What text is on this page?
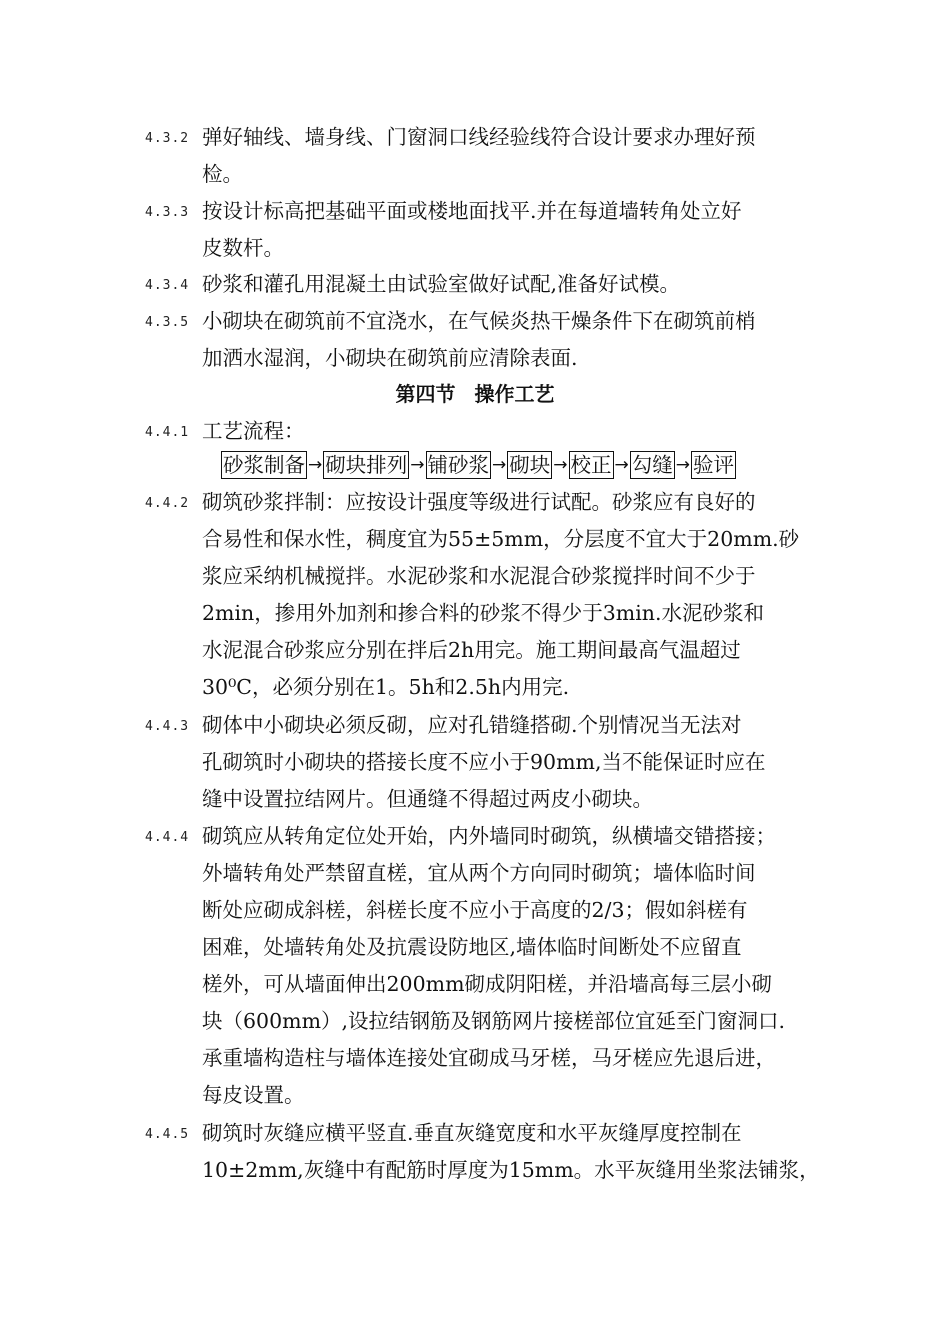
4.3.2 弹好轴线、墙身线、门窗洞口线经验线符合设计要求办理好预
检。
4.3.3 按设计标高把基础平面或楼地面找平.并在每道墙转角处立好
皮数杆。
4.3.4 砂浆和灌孔用混凝土由试验室做好试配,准备好试模。
4.3.5 小砌块在砌筑前不宜浇水，在气候炎热干燥条件下在砌筑前梢
加洒水湿润，小砌块在砌筑前应清除表面.
第四节 操作工艺
4.4.1 工艺流程：
砂浆制备 → 砌块排列 → 铺砂浆 → 砌块 → 校正 → 勾缝 → 验评
4.4.2 砌筑砂浆拌制：应按设计强度等级进行试配。砂浆应有良好的
合易性和保水性，稠度宜为55±5mm，分层度不宜大于20mm.砂
浆应采纳机械搅拌。水泥砂浆和水泥混合砂浆搅拌时间不少于
2min，掺用外加剂和掺合料的砂浆不得少于3min.水泥砂浆和
水泥混合砂浆应分别在拌后2h用完。施工期间最高气温超过
30⁰C，必须分别在1。5h和2.5h内用完.
4.4.3 砌体中小砌块必须反砌，应对孔错缝搭砌.个别情况当无法对
孔砌筑时小砌块的搭接长度不应小于90mm,当不能保证时应在
缝中设置拉结网片。但通缝不得超过两皮小砌块。
4.4.4 砌筑应从转角定位处开始，内外墙同时砌筑，纵横墙交错搭接；
外墙转角处严禁留直槎，宜从两个方向同时砌筑；墙体临时间
断处应砌成斜槎，斜槎长度不应小于高度的2/3；假如斜槎有
困难，处墙转角处及抗震设防地区,墙体临时间断处不应留直
槎外，可从墙面伸出200mm砌成阴阳槎，并沿墙高每三层小砌
块（600mm）,设拉结钢筋及钢筋网片接槎部位宜延至门窗洞口.
承重墙构造柱与墙体连接处宜砌成马牙槎，马牙槎应先退后进，
每皮设置。
4.4.5 砌筑时灰缝应横平竖直.垂直灰缝宽度和水平灰缝厚度控制在
10±2mm,灰缝中有配筋时厚度为15mm。水平灰缝用坐浆法铺浆，
